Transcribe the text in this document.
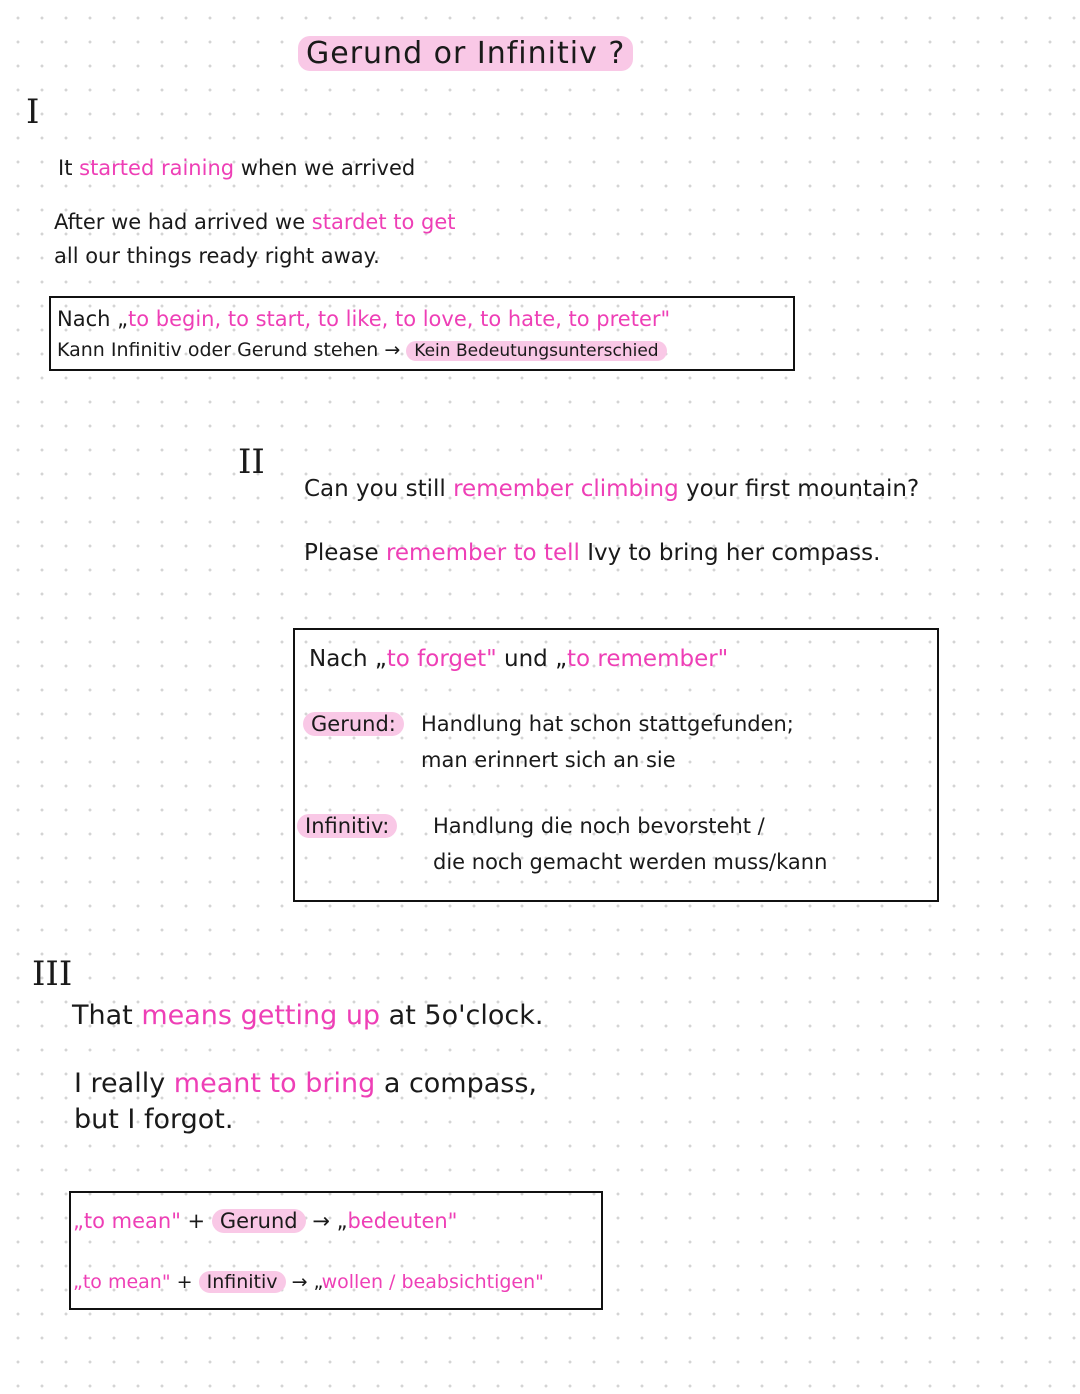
Gerund or Infinitiv ?
I
It started raining when we arrived
After we had arrived we stardet to get
all our things ready right away.
Nach „to begin, to start, to like, to love, to hate, to preter"
Kann Infinitiv oder Gerund stehen → Kein Bedeutungsunterschied
II
Can you still remember climbing your first mountain?
Please remember to tell Ivy to bring her compass.
Nach „to forget" und „to remember"
Gerund:	Handlung hat schon stattgefunden;
man erinnert sich an sie
Infinitiv:	Handlung die noch bevorsteht /
die noch gemacht werden muss/kann
III
That means getting up at 5o'clock.
I really meant to bring a compass,
but I forgot.
„to mean" + Gerund → „bedeuten"
„to mean" + Infinitiv → „wollen / beabsichtigen"
